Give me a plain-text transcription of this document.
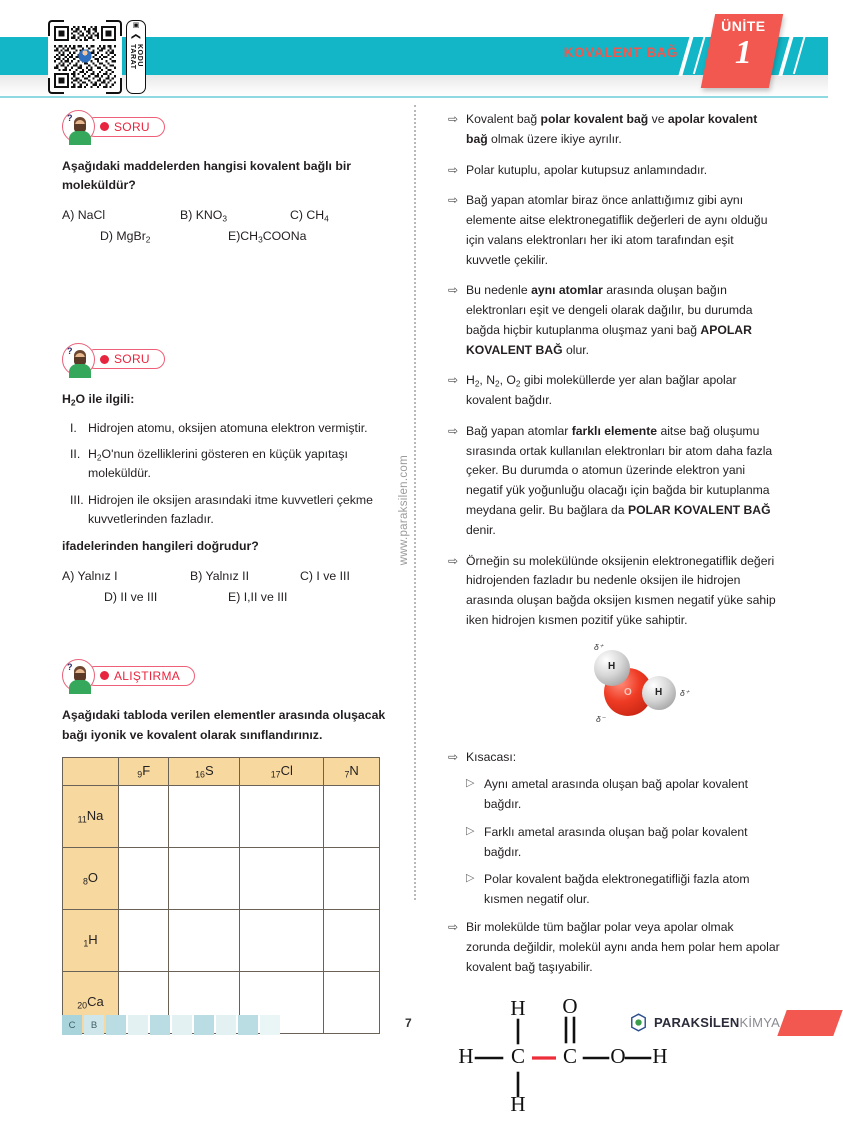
KOVALENT BAĞ
ÜNİTE
1
▣
❮
KODU TARAT
www.paraksilen.com
?
SORU
Aşağıdaki maddelerden hangisi kovalent bağlı bir moleküldür?
A) NaCl	B) $KNO_3$	C) $CH_4$
D) MgBr$_2$	$E)CH_3COONa$
?
SORU
$H_2O$ ile ilgili:
I. Hidrojen atomu, oksijen atomuna elektron vermiştir.
II. $H_2O'nun$ özelliklerini gösteren en küçük yapıtaşı moleküldür.
III. Hidrojen ile oksijen arasındaki itme kuvvetleri çekme kuvvetlerinden fazladır.
ifadelerinden hangileri doğrudur?
A) Yalnız I	B) Yalnız II	C) I ve III
D) II ve III	E) I,II ve III
?
ALIŞTIRMA
Aşağıdaki tabloda verilen elementler arasında oluşacak bağı iyonik ve kovalent olarak sınıflandırınız.
	$_9$F	$_{16}$S	$_{17}$Cl	$_7$N
$_{11}$Na				
$_8$O				
$_1$H				
$_{20}$Ca				
⇨ Kovalent bağ polar kovalent bağ ve apolar kovalent bağ olmak üzere ikiye ayrılır.
⇨ Polar kutuplu, apolar kutupsuz anlamındadır.
⇨ Bağ yapan atomlar biraz önce anlattığımız gibi aynı elemente aitse elektronegatiflik değerleri de aynı olduğu için valans elektronları her iki atom tarafından eşit kuvvetle çekilir.
⇨ Bu nedenle aynı atomlar arasında oluşan bağın elektronları eşit ve dengeli olarak dağılır, bu durumda bağda hiçbir kutuplanma oluşmaz yani bağ APOLAR KOVALENT BAĞ olur.
⇨ $H_2$, $N_2$, $O_2$ gibi moleküllerde yer alan bağlar apolar kovalent bağdır.
⇨ Bağ yapan atomlar farklı elemente aitse bağ oluşumu sırasında ortak kullanılan elektronları bir atom daha fazla çeker. Bu durumda o atomun üzerinde elektron yani negatif yük yoğunluğu olacağı için bağda bir kutuplanma meydana gelir. Bu bağlara da POLAR KOVALENT BAĞ denir.
⇨ Örneğin su molekülünde oksijenin elektronegatiflik değeri hidrojenden fazladır bu nedenle oksijen ile hidrojen arasında oluşan bağda oksijen kısmen negatif yüke sahip iken hidrojen kısmen pozitif yüke sahiptir.
δ⁺
H
O H δ⁺
δ⁻
⇨ Kısacası:
▷ Aynı ametal arasında oluşan bağ apolar kovalent bağdır.
▷ Farklı ametal arasında oluşan bağ polar kovalent bağdır.
▷ Polar kovalent bağda elektronegatifliği fazla atom kısmen negatif olur.
⇨ Bir molekülde tüm bağlar polar veya apolar olmak zorunda değildir, molekül aynı anda hem polar hem apolar kovalent bağ taşıyabilir.
H C
H
H
C
O
O H
C	B	7	PARAKSİLEN KİMYA
